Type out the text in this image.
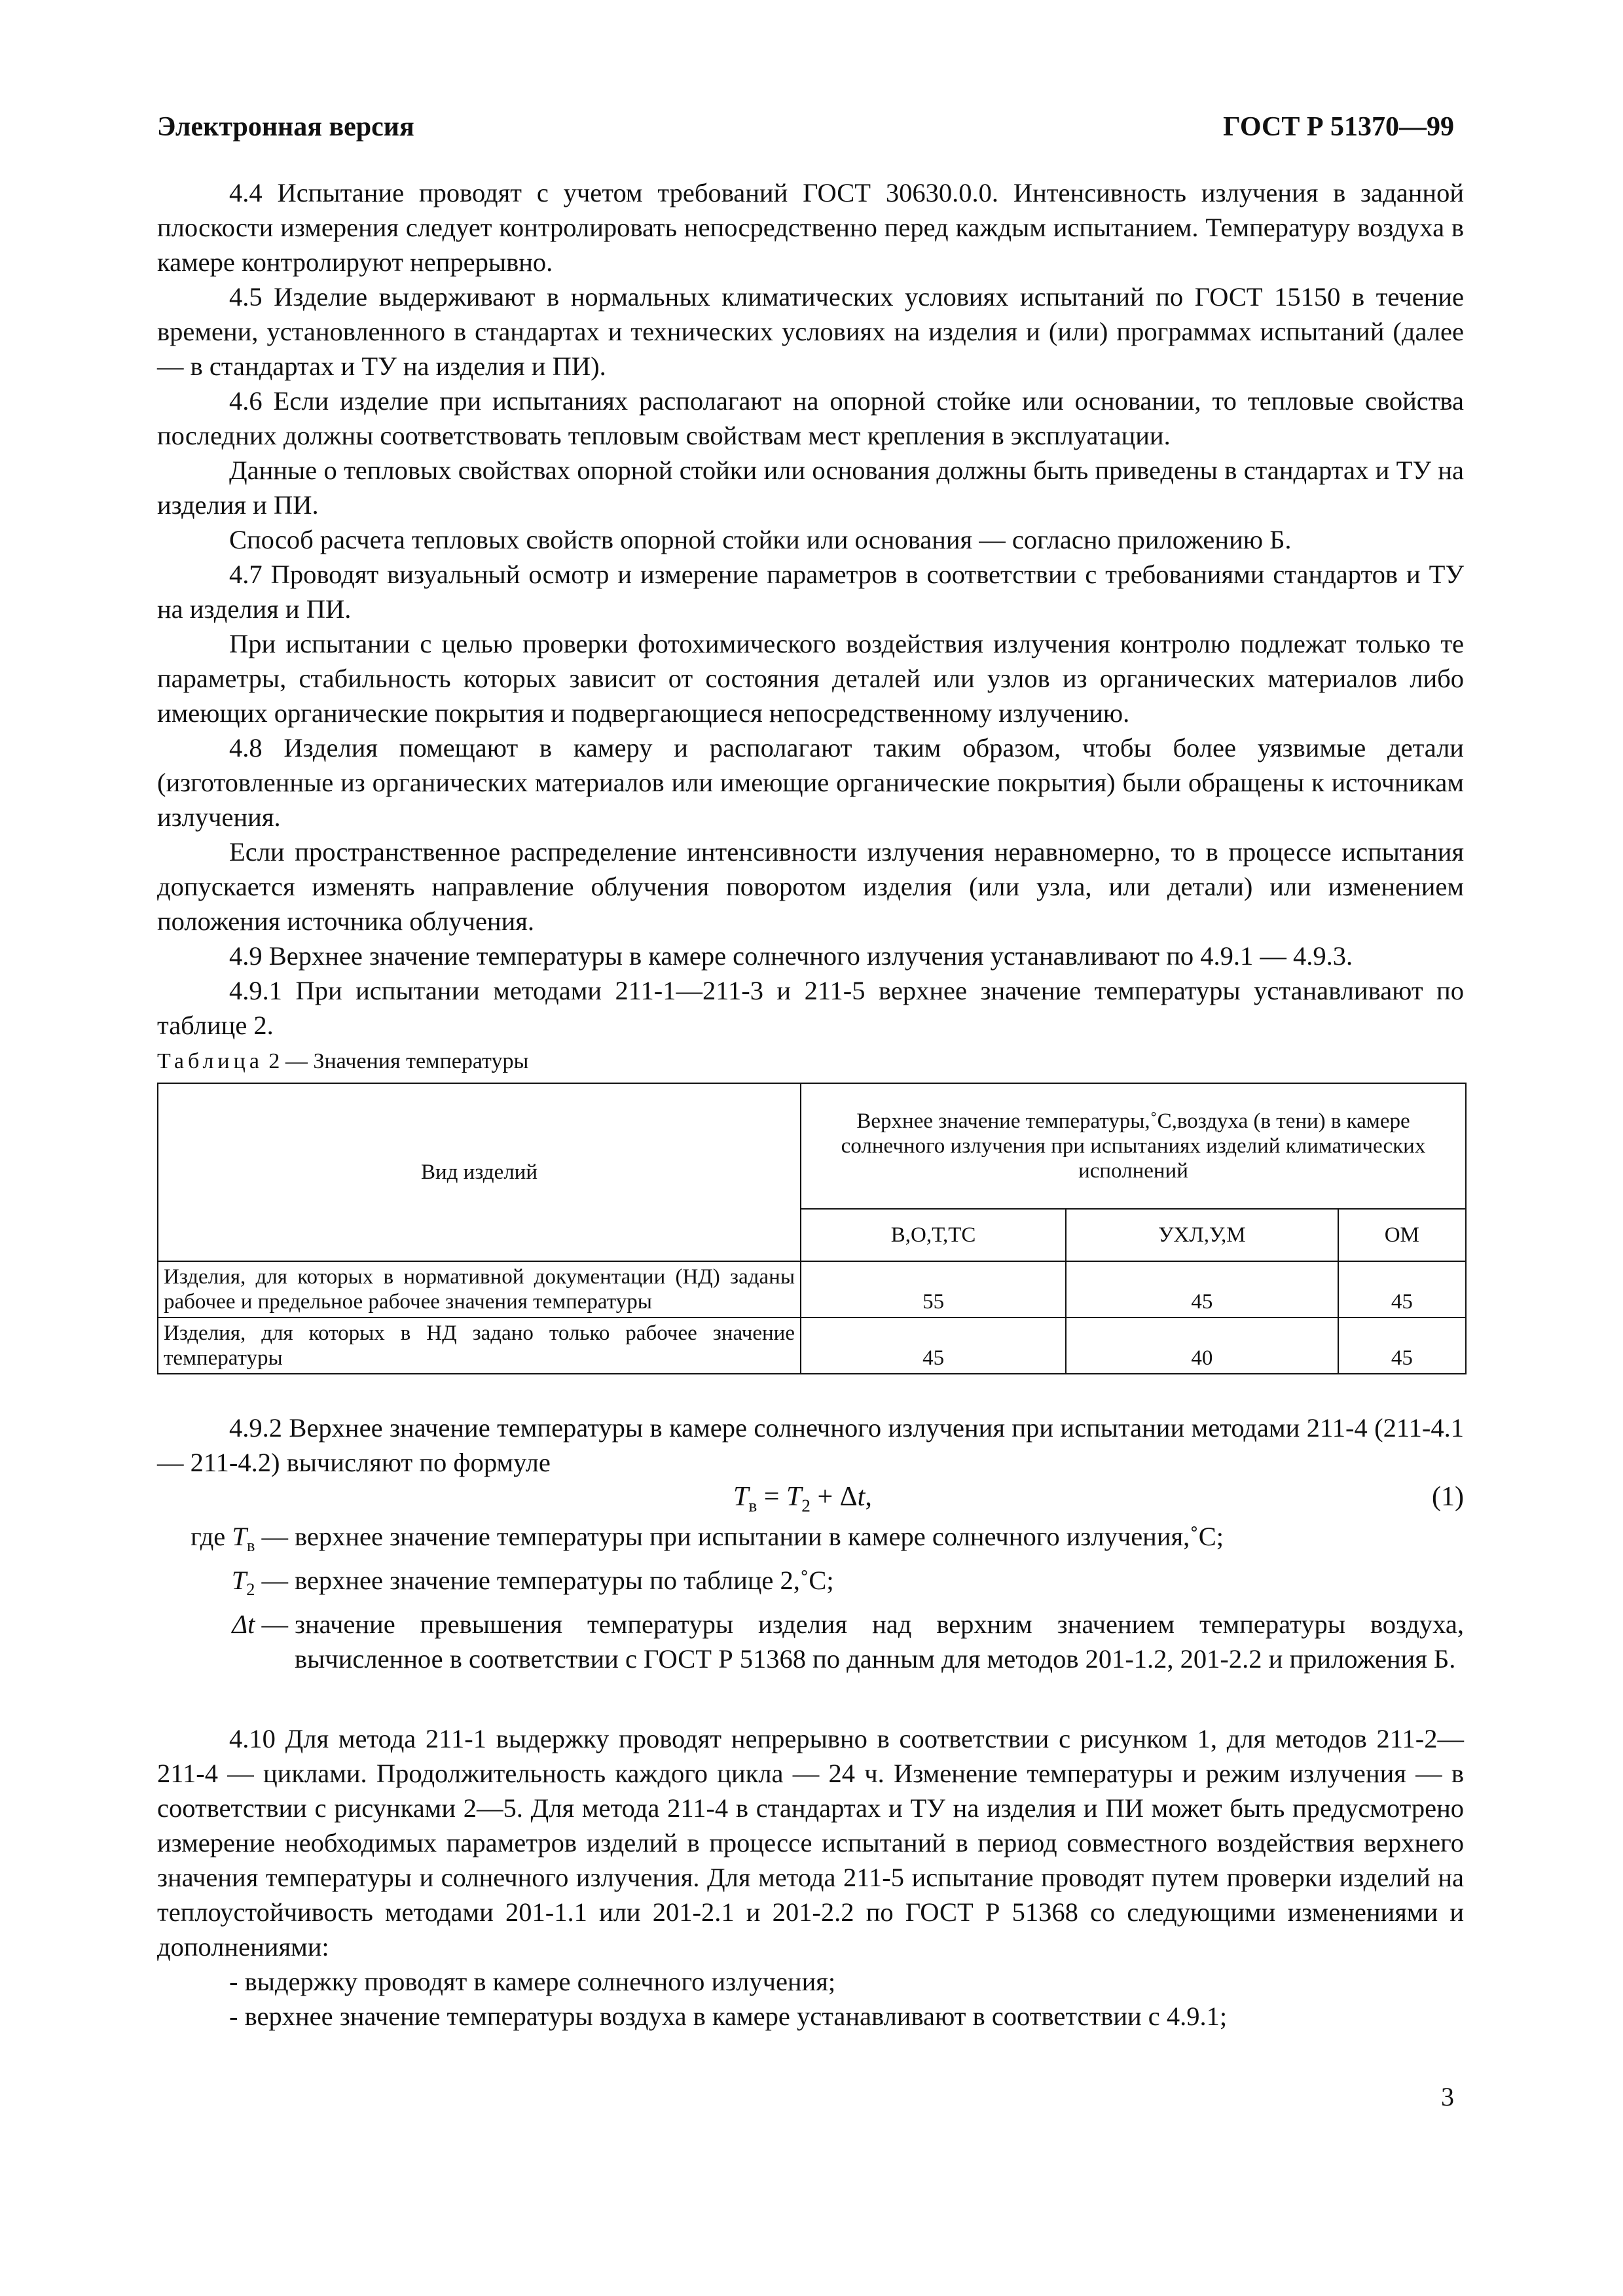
Электронная версия	ГОСТ Р 51370—99

4.4 Испытание проводят с учетом требований ГОСТ 30630.0.0. Интенсивность излучения в заданной плоскости измерения следует контролировать непосредственно перед каждым испытанием. Температуру воздуха в камере контролируют непрерывно.

4.5 Изделие выдерживают в нормальных климатических условиях испытаний по ГОСТ 15150 в течение времени, установленного в стандартах и технических условиях на изделия и (или) программах испытаний (далее — в стандартах и ТУ на изделия и ПИ).

4.6 Если изделие при испытаниях располагают на опорной стойке или основании, то тепловые свойства последних должны соответствовать тепловым свойствам мест крепления в эксплуатации.

Данные о тепловых свойствах опорной стойки или основания должны быть приведены в стандартах и ТУ на изделия и ПИ.

Способ расчета тепловых свойств опорной стойки или основания — согласно приложению Б.

4.7 Проводят визуальный осмотр и измерение параметров в соответствии с требованиями стандартов и ТУ на изделия и ПИ.

При испытании с целью проверки фотохимического воздействия излучения контролю подлежат только те параметры, стабильность которых зависит от состояния деталей или узлов из органических материалов либо имеющих органические покрытия и подвергающиеся непосредственному излучению.

4.8 Изделия помещают в камеру и располагают таким образом, чтобы более уязвимые детали (изготовленные из органических материалов или имеющие органические покрытия) были обращены к источникам излучения.

Если пространственное распределение интенсивности излучения неравномерно, то в процессе испытания допускается изменять направление облучения поворотом изделия (или узла, или детали) или изменением положения источника облучения.

4.9 Верхнее значение температуры в камере солнечного излучения устанавливают по 4.9.1 — 4.9.3.

4.9.1 При испытании методами 211-1—211-3 и 211-5 верхнее значение температуры устанавливают по таблице 2.

Таблица 2 — Значения температуры
Вид изделий	Верхнее значение температуры,˚С,воздуха (в тени) в камере солнечного излучения при испытаниях изделий климатических исполнений		
	В,О,Т,ТС	УХЛ,У,М	ОМ
Изделия, для которых в нормативной документации (НД) заданы рабочее и предельное рабочее значения температуры	55	45	45
Изделия, для которых в НД задано только рабочее значение температуры	45	40	45

4.9.2 Верхнее значение температуры в камере солнечного излучения при испытании методами 211-4 (211-4.1 — 211-4.2) вычисляют по формуле

$T_в = T_2 + \Delta t$,	(1)
где $T_в$ — верхнее значение температуры при испытании в камере солнечного излучения,˚С;
$T_2$ — верхнее значение температуры по таблице 2,˚С;
Δt — значение превышения температуры изделия над верхним значением температуры воздуха, вычисленное в соответствии с ГОСТ Р 51368 по данным для методов 201-1.2, 201-2.2 и приложения Б.

4.10 Для метода 211-1 выдержку проводят непрерывно в соответствии с рисунком 1, для методов 211-2—211-4 — циклами. Продолжительность каждого цикла — 24 ч. Изменение температуры и режим излучения — в соответствии с рисунками 2—5. Для метода 211-4 в стандартах и ТУ на изделия и ПИ может быть предусмотрено измерение необходимых параметров изделий в процессе испытаний в период совместного воздействия верхнего значения температуры и солнечного излучения. Для метода 211-5 испытание проводят путем проверки изделий на теплоустойчивость методами 201-1.1 или 201-2.1 и 201-2.2 по ГОСТ Р 51368 со следующими изменениями и дополнениями:

- выдержку проводят в камере солнечного излучения;

- верхнее значение температуры воздуха в камере устанавливают в соответствии с 4.9.1;

3
